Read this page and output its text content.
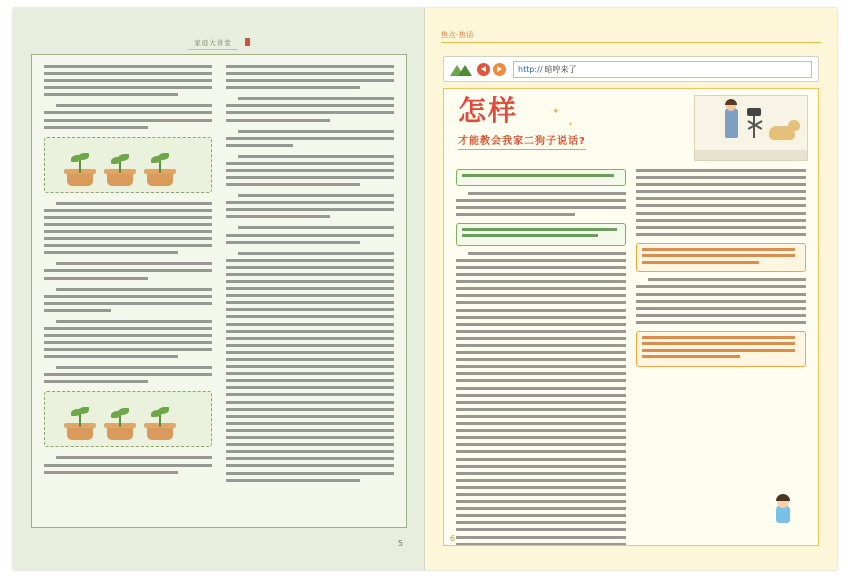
家庭大讲堂
5
焦点·热话
http:// 暗哼来了
怎样
才能教会我家二狗子说话?
✦
✦
6
